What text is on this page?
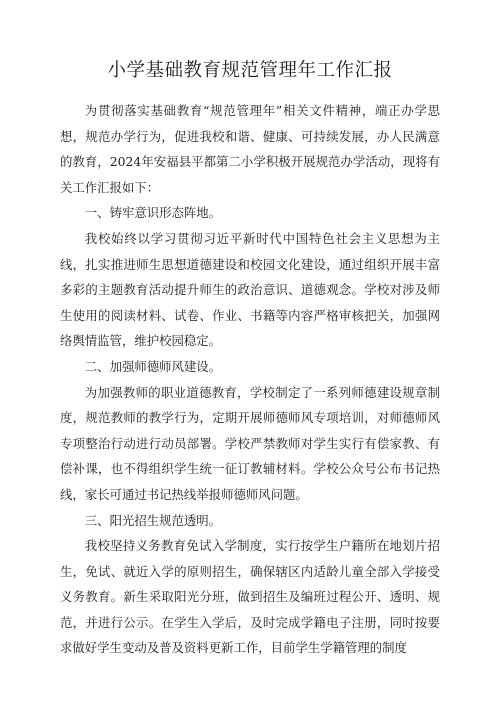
小学基础教育规范管理年工作汇报

为贯彻落实基础教育“规范管理年”相关文件精神，端正办学思想，规范办学行为，促进我校和谐、健康、可持续发展，办人民满意的教育，2024年安福县平都第二小学积极开展规范办学活动，现将有关工作汇报如下：

一、铸牢意识形态阵地。

我校始终以学习贯彻习近平新时代中国特色社会主义思想为主线，扎实推进师生思想道德建设和校园文化建设，通过组织开展丰富多彩的主题教育活动提升师生的政治意识、道德观念。学校对涉及师生使用的阅读材料、试卷、作业、书籍等内容严格审核把关，加强网络舆情监管，维护校园稳定。

二、加强师德师风建设。

为加强教师的职业道德教育，学校制定了一系列师德建设规章制度，规范教师的教学行为，定期开展师德师风专项培训，对师德师风专项整治行动进行动员部署。学校严禁教师对学生实行有偿家教、有偿补课，也不得组织学生统一征订教辅材料。学校公众号公布书记热线，家长可通过书记热线举报师德师风问题。

三、阳光招生规范透明。

我校坚持义务教育免试入学制度，实行按学生户籍所在地划片招生，免试、就近入学的原则招生，确保辖区内适龄儿童全部入学接受义务教育。新生采取阳光分班，做到招生及编班过程公开、透明、规范，并进行公示。在学生入学后，及时完成学籍电子注册，同时按要求做好学生变动及普及资料更新工作，目前学生学籍管理的制度
